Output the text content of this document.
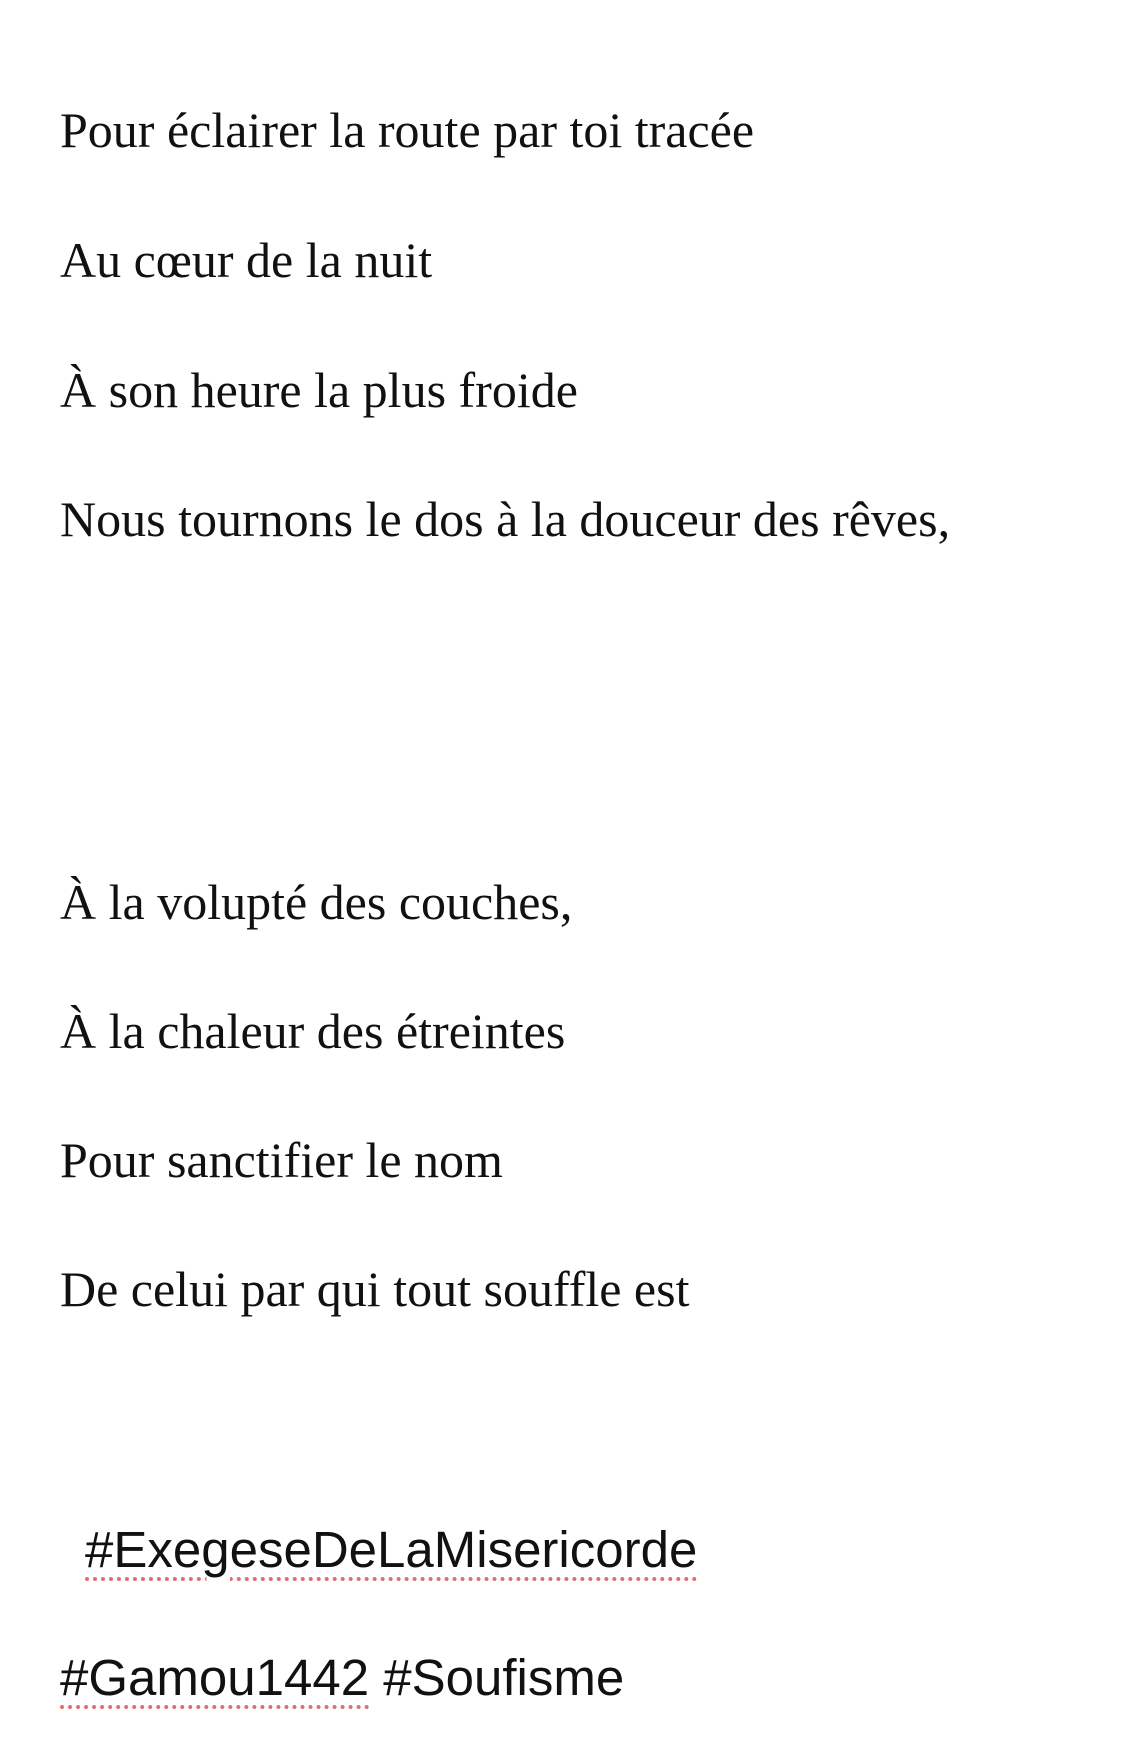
Pour éclairer la route par toi tracée

Au cœur de la nuit

À son heure la plus froide

Nous tournons le dos à la douceur des rêves,

À la volupté des couches,

À la chaleur des étreintes

Pour sanctifier le nom

De celui par qui tout souffle est

#ExegeseDeLaMisericorde

#Gamou1442 #Soufisme
